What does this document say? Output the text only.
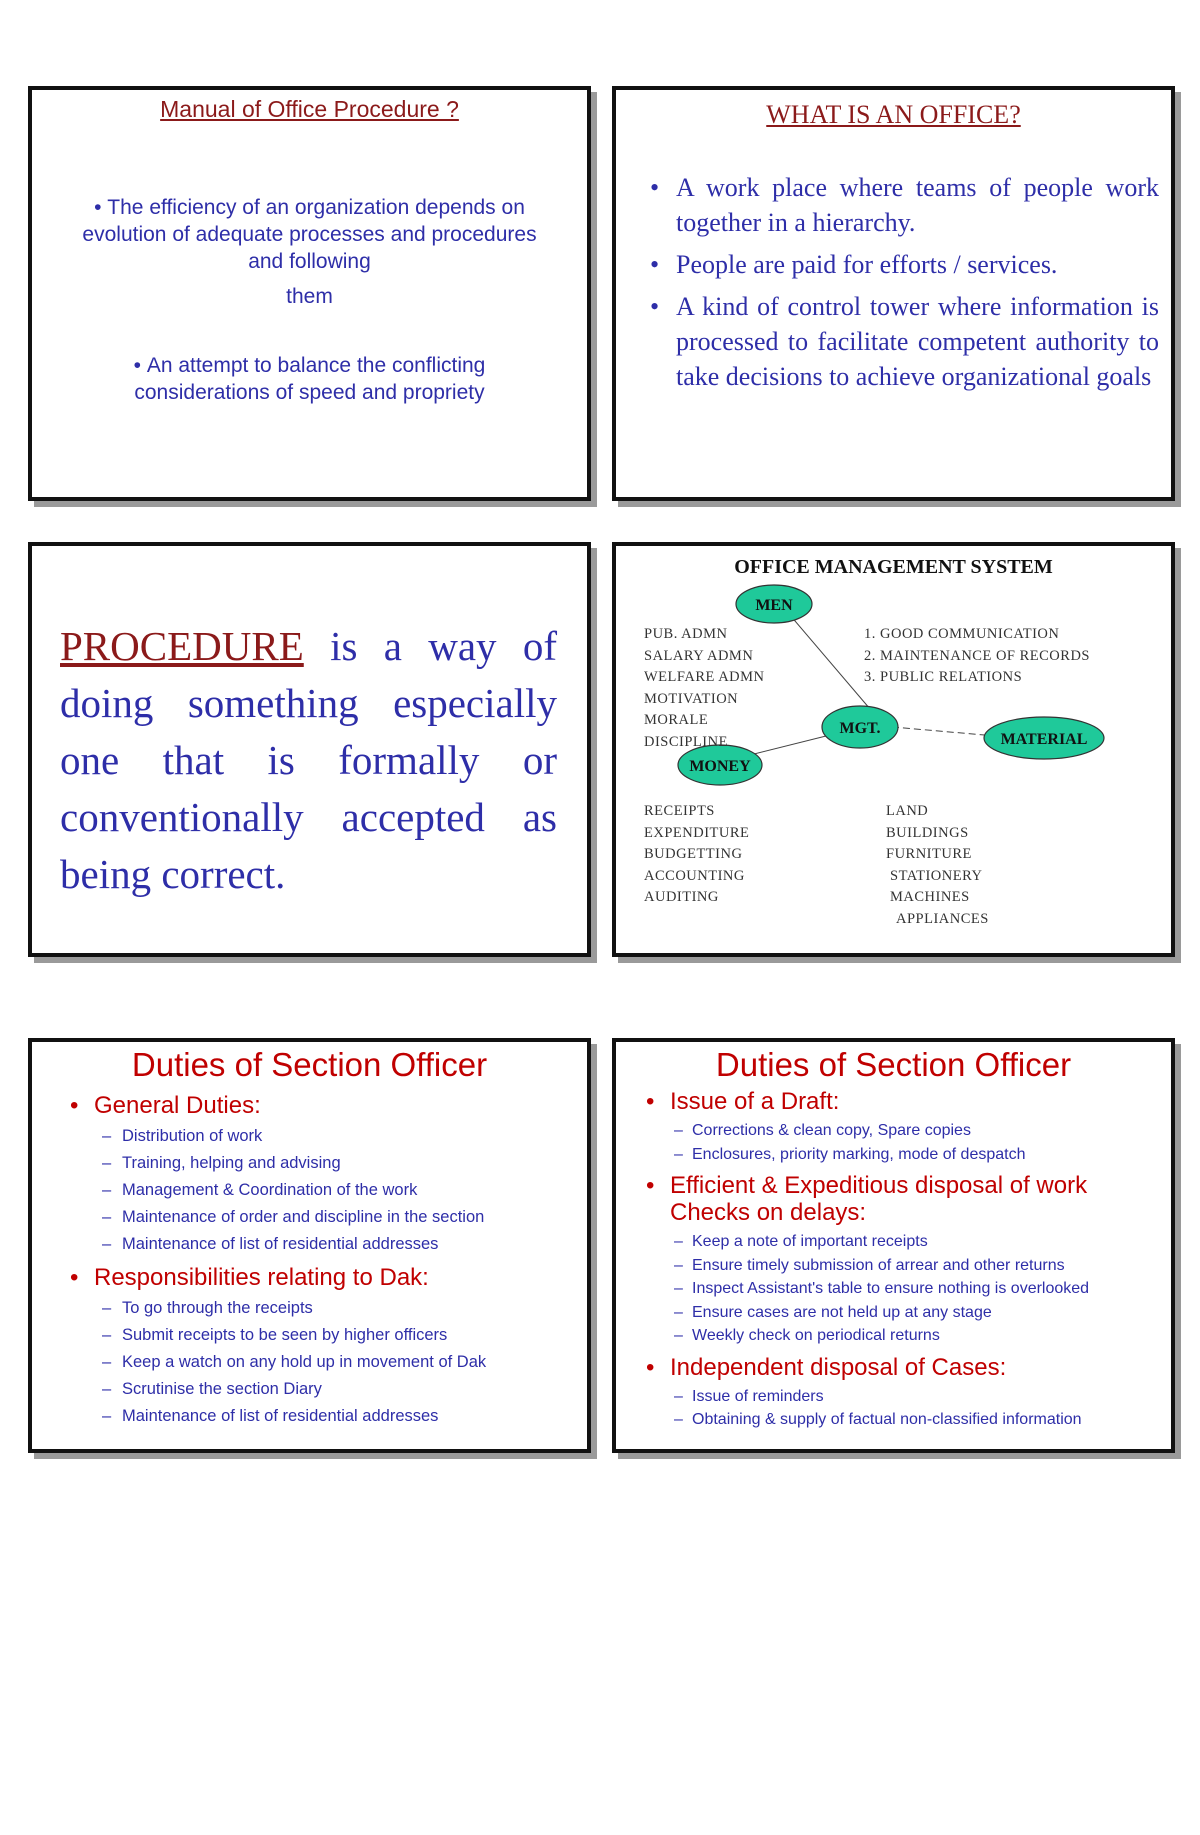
Manual of Office Procedure ?
• The efficiency of an organization depends on evolution of adequate processes and procedures and following
them
• An attempt to balance the conflicting considerations of speed and propriety
WHAT IS AN OFFICE?
• A work place where teams of people work together in a hierarchy.
• People are paid for efforts / services.
• A kind of control tower where information is processed to facilitate competent authority to take decisions to achieve organizational goals
PROCEDURE is a way of doing something especially one that is formally or conventionally accepted as being correct.
MEN
MGT.
MATERIAL
MONEY
OFFICE MANAGEMENT SYSTEM
PUB. ADMN
SALARY ADMN
WELFARE ADMN
MOTIVATION
MORALE
DISCIPLINE
1. GOOD COMMUNICATION
2. MAINTENANCE OF RECORDS
3. PUBLIC RELATIONS
RECEIPTS
EXPENDITURE
BUDGETTING
ACCOUNTING
AUDITING
LAND
BUILDINGS
FURNITURE
STATIONERY
MACHINES
APPLIANCES
Duties of Section Officer

• General Duties:

– Distribution of work
– Training, helping and advising
– Management & Coordination of the work
– Maintenance of order and discipline in the section
– Maintenance of list of residential addresses

• Responsibilities relating to Dak:

– To go through the receipts
– Submit receipts to be seen by higher officers
– Keep a watch on any hold up in movement of Dak
– Scrutinise the section Diary
– Maintenance of list of residential addresses
Duties of Section Officer

• Issue of a Draft:

– Corrections & clean copy, Spare copies
– Enclosures, priority marking, mode of despatch

• Efficient & Expeditious disposal of work Checks on delays:

– Keep a note of important receipts
– Ensure timely submission of arrear and other returns
– Inspect Assistant's table to ensure nothing is overlooked
– Ensure cases are not held up at any stage
– Weekly check on periodical returns

• Independent disposal of Cases:

– Issue of reminders
– Obtaining & supply of factual non-classified information
